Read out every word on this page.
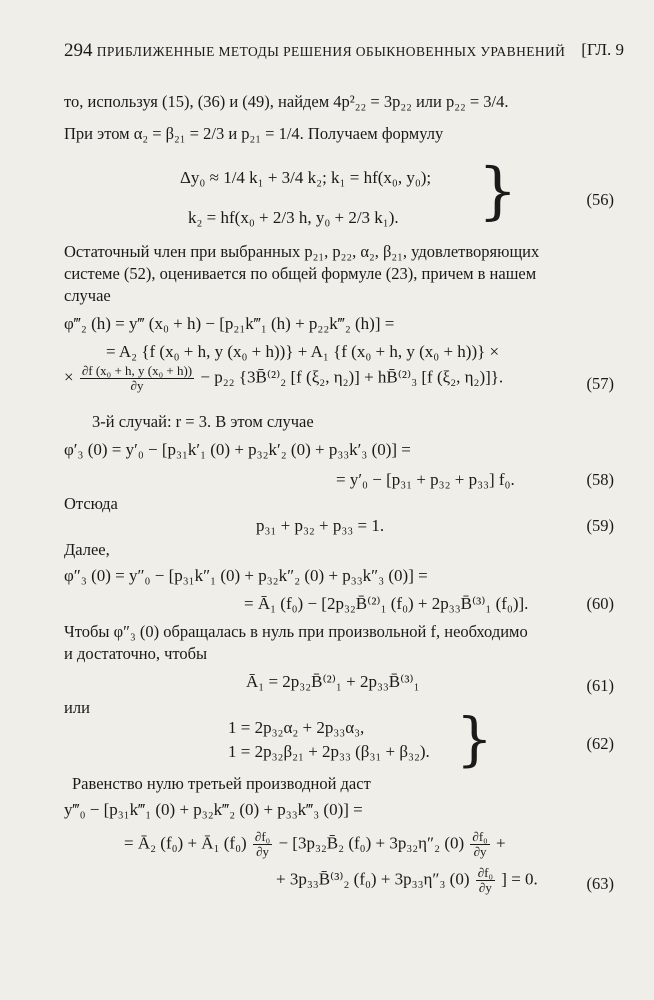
294 ПРИБЛИЖЕННЫЕ МЕТОДЫ РЕШЕНИЯ ОБЫКНОВЕННЫХ УРАВНЕНИЙ [ГЛ. 9
то, используя (15), (36) и (49), найдем 4p²₂₂ = 3p₂₂ или p₂₂ = 3/4.
При этом α₂ = β₂₁ = 2/3 и p₂₁ = 1/4. Получаем формулу
Δy₀ ≈ 1/4 k₁ + 3/4 k₂; k₁ = hf(x₀, y₀);
k₂ = hf(x₀ + 2/3 h, y₀ + 2/3 k₁). }	(56)
Остаточный член при выбранных p₂₁, p₂₂, α₂, β₂₁, удовлетворяющих
системе (52), оценивается по общей формуле (23), причем в нашем
случае
φ‴₂ (h) = y‴ (x₀ + h) − [p₂₁k‴₁ (h) + p₂₂k‴₂ (h)] =
= A₂ {f (x₀ + h, y (x₀ + h))} + A₁ {f (x₀ + h, y (x₀ + h))} ×
× $\frac{\text{∂f (x₀ + h, y (x₀ + h))}}{\partial y} - p_{22}$ {3B̄⁽²⁾₂ [f (ξ₂, η₂)] + hB̄⁽²⁾₃ [f (ξ₂, η₂)]}.	(57)
3-й случай: r = 3. В этом случае
φ′₃ (0) = y′₀ − [p₃₁k′₁ (0) + p₃₂k′₂ (0) + p₃₃k′₃ (0)] =
= y′₀ − [p₃₁ + p₃₂ + p₃₃] f₀.	(58)
Отсюда
p₃₁ + p₃₂ + p₃₃ = 1.	(59)
Далее,
φ″₃ (0) = y″₀ − [p₃₁k″₁ (0) + p₃₂k″₂ (0) + p₃₃k″₃ (0)] =
= Ā₁ (f₀) − [2p₃₂B̄⁽²⁾₁ (f₀) + 2p₃₃B̄⁽³⁾₁ (f₀)].	(60)
Чтобы φ″₃ (0) обращалась в нуль при произвольной f, необходимо
и достаточно, чтобы
Ā₁ = 2p₃₂B̄⁽²⁾₁ + 2p₃₃B̄⁽³⁾₁	(61)
или
1 = 2p₃₂α₂ + 2p₃₃α₃,
1 = 2p₃₂β₂₁ + 2p₃₃ (β₃₁ + β₃₂). }	(62)
Равенство нулю третьей производной даст
y‴₀ − [p₃₁k‴₁ (0) + p₃₂k‴₂ (0) + p₃₃k‴₃ (0)] =
= Ā₂ (f₀) + Ā₁ $(f_0) \frac{\text{∂f₀}}{\partial y}$ − [3p₃₂B̄₂ (f₀) + 3p₃₂η″₂ $(0) \frac{\text{∂f₀}}{\partial y}$ +
+ 3p₃₃B̄⁽³⁾₂ (f₀) + 3p₃₃η″₃ $(0) \frac{\text{∂f₀}}{\partial y}$ ] = 0.	(63)
